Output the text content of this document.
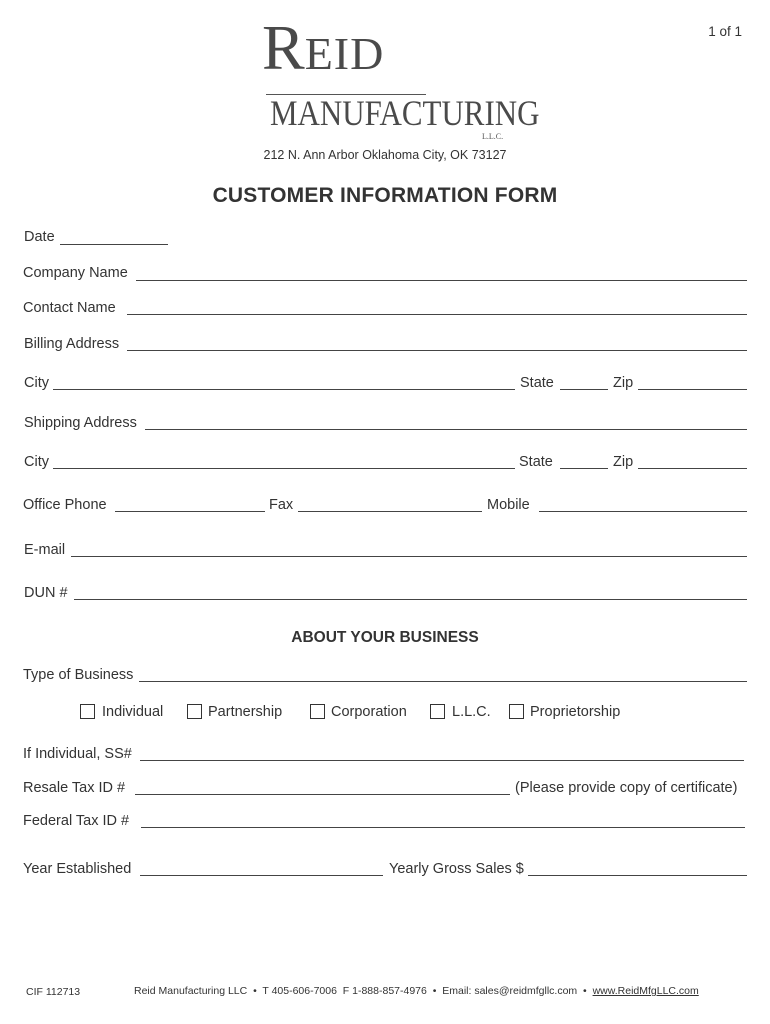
1 of 1
REID
MANUFACTURING
L.L.C.
212 N. Ann Arbor Oklahoma City, OK 73127
CUSTOMER INFORMATION FORM
Date
Company Name
Contact Name
Billing Address
City	State	Zip
Shipping Address
City	State	Zip
Office Phone	Fax	Mobile
E-mail
DUN #
ABOUT YOUR BUSINESS
Type of Business
Individual	Partnership	Corporation	L.L.C.	Proprietorship
If Individual, SS#
Resale Tax ID #	(Please provide copy of certificate)
Federal Tax ID #
Year Established	Yearly Gross Sales $
CIF 112713	Reid Manufacturing LLC • T 405-606-7006 F 1-888-857-4976 • Email: sales@reidmfgllc.com • www.ReidMfgLLC.com
